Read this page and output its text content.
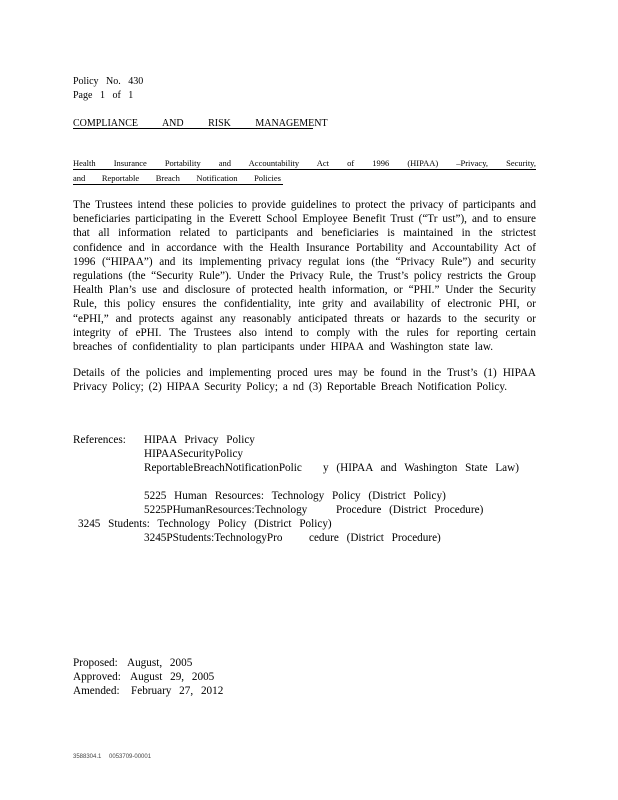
Policy No. 430
Page 1 of 1
COMPLIANCE AND RISK MANAGEMENT
Health Insurance Portability and Accountability Act of 1996 (HIPAA) –Privacy, Security,
and Reportable Breach Notification Policies
The Trustees intend these policies to provide guidelines to protect the privacy of participants and
beneficiaries participating in the Everett School Employee Benefit Trust (“Tr ust”), and to ensure
that all information related to participants and beneficiaries is maintained in the strictest
confidence and in accordance with the Health Insurance Portability and Accountability Act of
1996 (“HIPAA”) and its implementing privacy regulat ions (the “Privacy Rule”) and security
regulations (the “Security Rule”). Under the Privacy Rule, the Trust’s policy restricts the Group
Health Plan’s use and disclosure of protected health information, or “PHI.” Under the Security
Rule, this policy ensures the confidentiality, inte grity and availability of electronic PHI, or
“ePHI,” and protects against any reasonably anticipated threats or hazards to the security or
integrity of ePHI. The Trustees also intend to comply with the rules for reporting certain
breaches of confidentiality to plan participants under HIPAA and Washington state law.
Details of the policies and implementing proced ures may be found in the Trust’s (1) HIPAA
Privacy Policy; (2) HIPAA Security Policy; a nd (3) Reportable Breach Notification Policy.
References: HIPAA Privacy Policy
HIPAASecurityPolicy
ReportableBreachNotificationPolic y (HIPAA and Washington State Law)
5225 Human Resources: Technology Policy (District Policy)
5225PHumanResources:Technology	Procedure (District Procedure)
3245 Students: Technology Policy (District Policy)
3245PStudents:TechnologyPro cedure (District Procedure)
Proposed: August, 2005
Approved: August 29, 2005
Amended: February 27, 2012
3588304.1 0053709-00001
